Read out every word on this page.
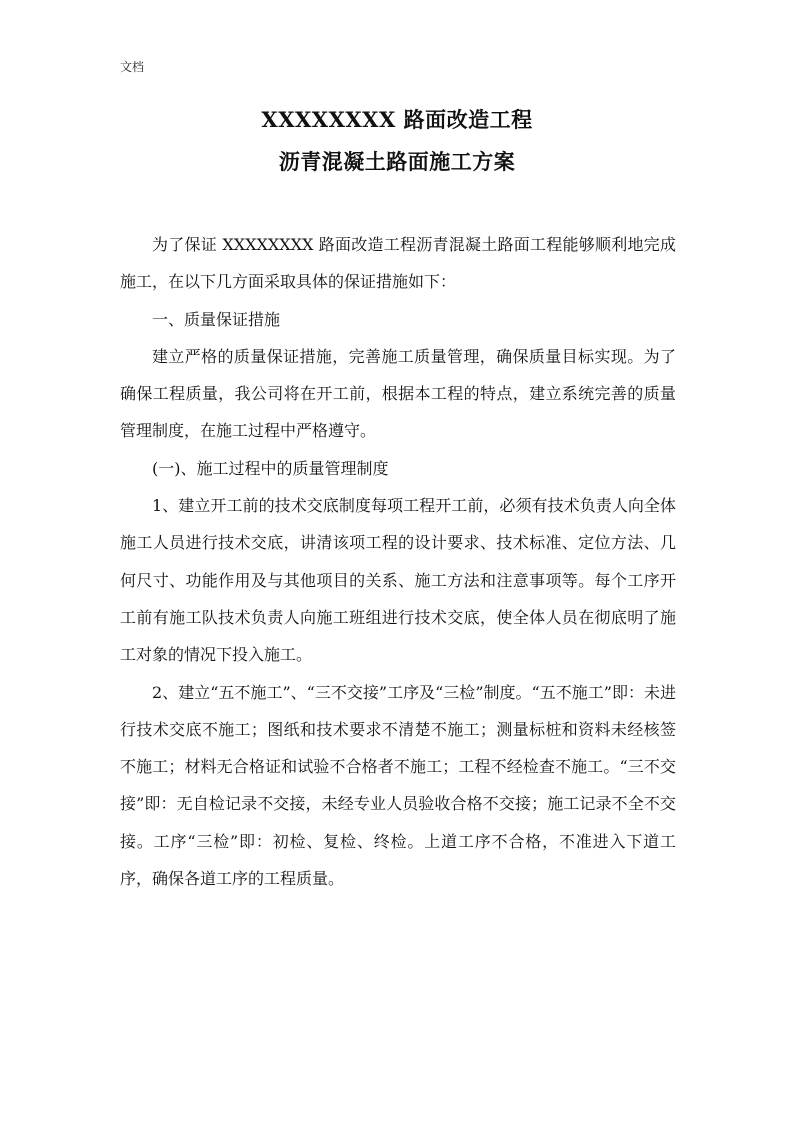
文档
XXXXXXXX 路面改造工程
沥青混凝土路面施工方案

为了保证 XXXXXXXX 路面改造工程沥青混凝土路面工程能够顺利地完成施工，在以下几方面采取具体的保证措施如下：

一、质量保证措施

建立严格的质量保证措施，完善施工质量管理，确保质量目标实现。为了确保工程质量，我公司将在开工前，根据本工程的特点，建立系统完善的质量管理制度，在施工过程中严格遵守。

(一)、施工过程中的质量管理制度

1、建立开工前的技术交底制度每项工程开工前，必须有技术负责人向全体施工人员进行技术交底，讲清该项工程的设计要求、技术标准、定位方法、几何尺寸、功能作用及与其他项目的关系、施工方法和注意事项等。每个工序开工前有施工队技术负责人向施工班组进行技术交底，使全体人员在彻底明了施工对象的情况下投入施工。

2、建立“五不施工”、“三不交接”工序及“三检”制度。“五不施工”即：未进行技术交底不施工；图纸和技术要求不清楚不施工；测量标桩和资料未经核签不施工；材料无合格证和试验不合格者不施工；工程不经检查不施工。“三不交接”即：无自检记录不交接，未经专业人员验收合格不交接；施工记录不全不交接。工序“三检”即：初检、复检、终检。上道工序不合格，不准进入下道工序，确保各道工序的工程质量。
